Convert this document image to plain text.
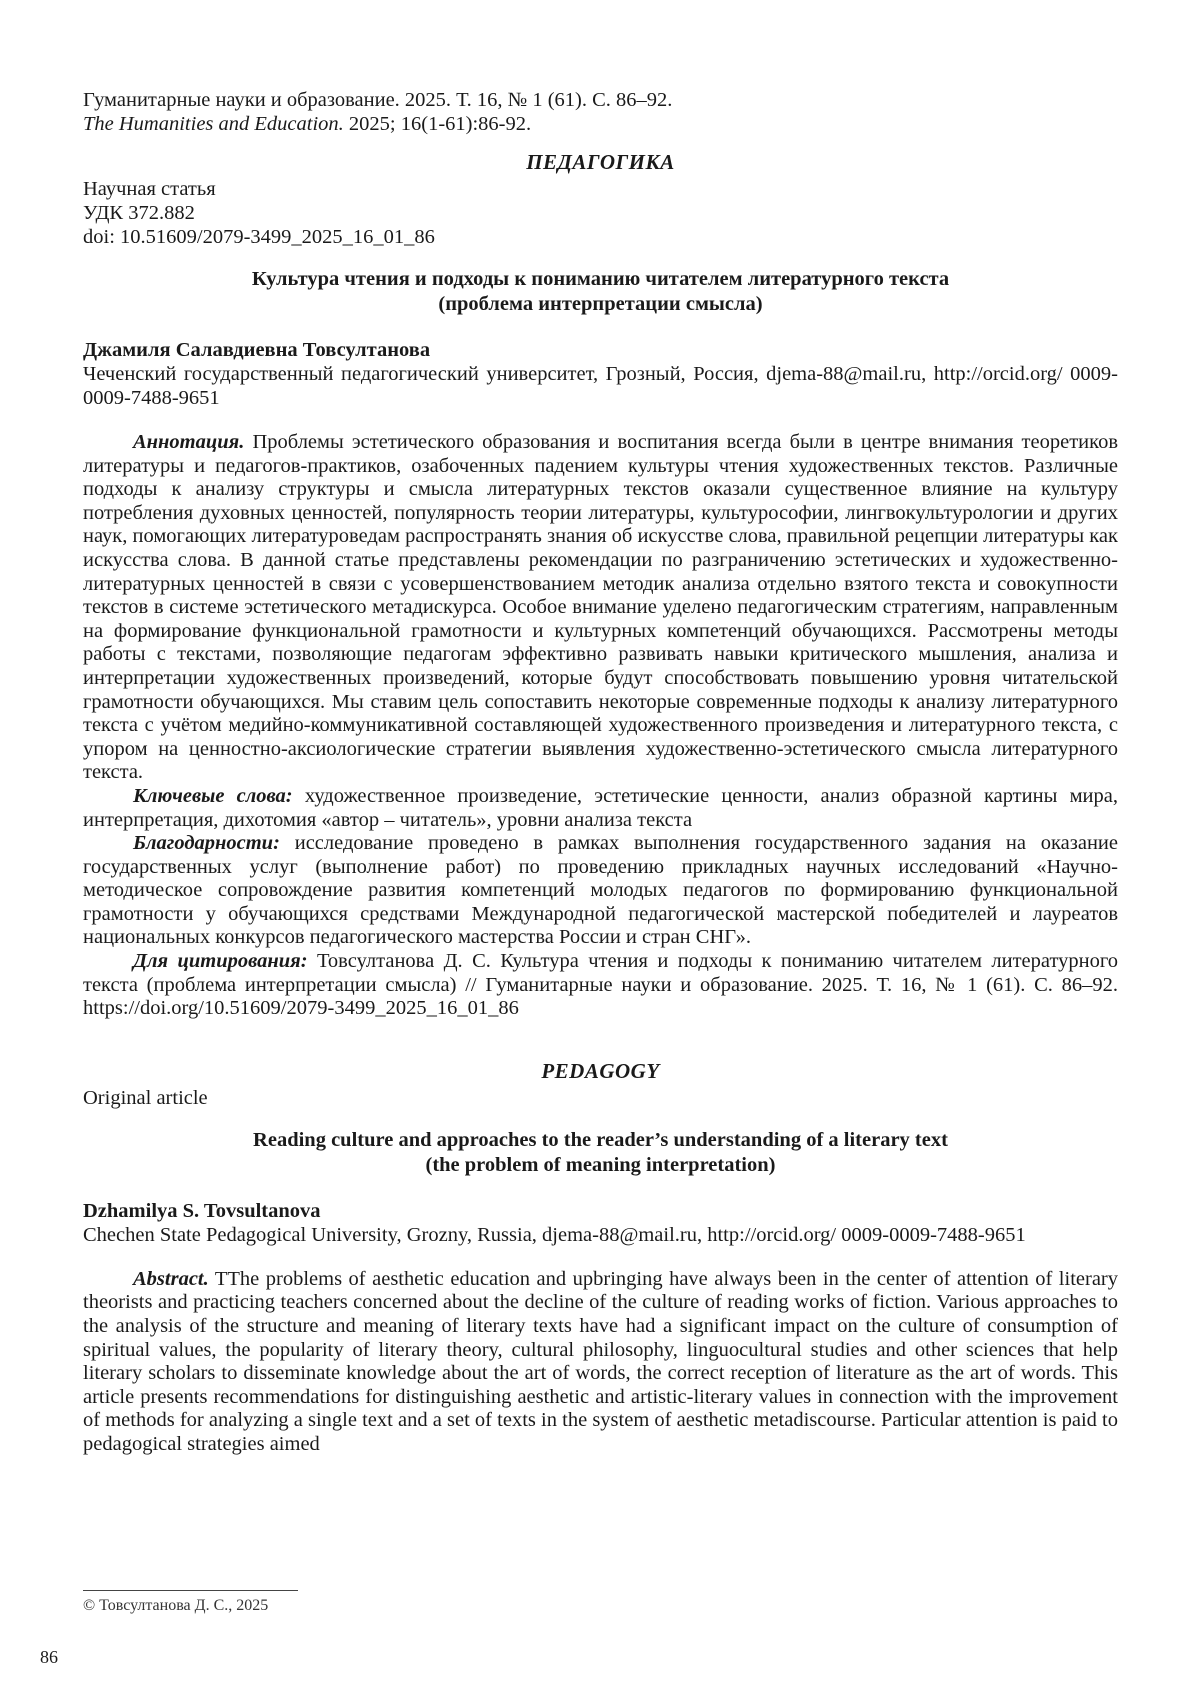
Гуманитарные науки и образование. 2025. Т. 16, № 1 (61). С. 86–92.

The Humanities and Education. 2025; 16(1-61):86-92.

ПЕДАГОГИКА

Научная статья

УДК 372.882

doi: 10.51609/2079-3499_2025_16_01_86

Культура чтения и подходы к пониманию читателем литературного текста

(проблема интерпретации смысла)

Джамиля Салавдиевна Товсултанова

Чеченский государственный педагогический университет, Грозный, Россия, djema-88@mail.ru, http://orcid.org/ 0009-0009-7488-9651

Аннотация. Проблемы эстетического образования и воспитания всегда были в центре внимания теоретиков литературы и педагогов-практиков, озабоченных падением культуры чтения художественных текстов. Различные подходы к анализу структуры и смысла литературных текстов оказали существенное влияние на культуру потребления духовных ценностей, популярность теории литературы, культурософии, лингвокультурологии и других наук, помогающих литературоведам распространять знания об искусстве слова, правильной рецепции литературы как искусства слова. В данной статье представлены рекомендации по разграничению эстетических и художественно-литературных ценностей в связи с усовершенствованием методик анализа отдельно взятого текста и совокупности текстов в системе эстетического метадискурса. Особое внимание уделено педагогическим стратегиям, направленным на формирование функциональной грамотности и культурных компетенций обучающихся. Рассмотрены методы работы с текстами, позволяющие педагогам эффективно развивать навыки критического мышления, анализа и интерпретации художественных произведений, которые будут способствовать повышению уровня читательской грамотности обучающихся. Мы ставим цель сопоставить некоторые современные подходы к анализу литературного текста с учётом медийно-коммуникативной составляющей художественного произведения и литературного текста, с упором на ценностно-аксиологические стратегии выявления художественно-эстетического смысла литературного текста.

Ключевые слова: художественное произведение, эстетические ценности, анализ образной картины мира, интерпретация, дихотомия «автор – читатель», уровни анализа текста

Благодарности: исследование проведено в рамках выполнения государственного задания на оказание государственных услуг (выполнение работ) по проведению прикладных научных исследований «Научно-методическое сопровождение развития компетенций молодых педагогов по формированию функциональной грамотности у обучающихся средствами Международной педагогической мастерской победителей и лауреатов национальных конкурсов педагогического мастерства России и стран СНГ».

Для цитирования: Товсултанова Д. С. Культура чтения и подходы к пониманию читателем литературного текста (проблема интерпретации смысла) // Гуманитарные науки и образование. 2025. Т. 16, № 1 (61). С. 86–92. https://doi.org/10.51609/2079-3499_2025_16_01_86

PEDAGOGY

Original article

Reading culture and approaches to the reader’s understanding of a literary text

(the problem of meaning interpretation)

Dzhamilya S. Tovsultanova

Chechen State Pedagogical University, Grozny, Russia, djema-88@mail.ru, http://orcid.org/ 0009-0009-7488-9651

Abstract. TThe problems of aesthetic education and upbringing have always been in the center of attention of literary theorists and practicing teachers concerned about the decline of the culture of reading works of fiction. Various approaches to the analysis of the structure and meaning of literary texts have had a significant impact on the culture of consumption of spiritual values, the popularity of literary theory, cultural philosophy, linguocultural studies and other sciences that help literary scholars to disseminate knowledge about the art of words, the correct reception of literature as the art of words. This article presents recommendations for distinguishing aesthetic and artistic-literary values in connection with the improvement of methods for analyzing a single text and a set of texts in the system of aesthetic metadiscourse. Particular attention is paid to pedagogical strategies aimed

© Товсултанова Д. С., 2025

86
